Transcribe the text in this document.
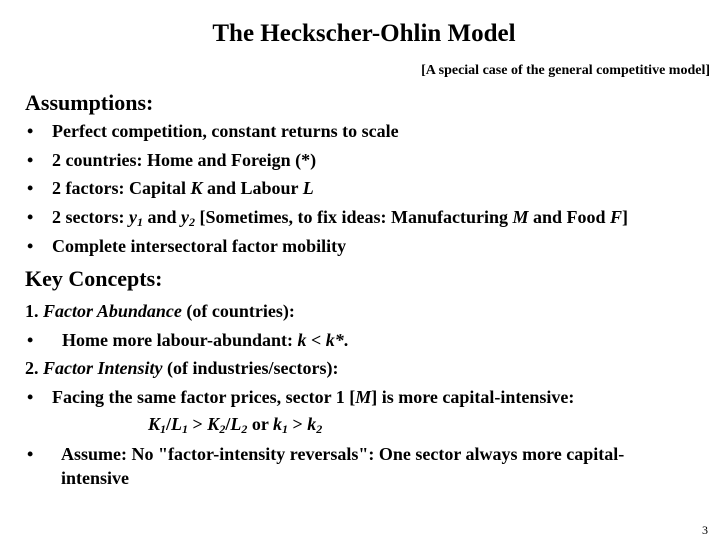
The Heckscher-Ohlin Model
[A special case of the general competitive model]
Assumptions:
• Perfect competition, constant returns to scale
• 2 countries: Home and Foreign (*)
• 2 factors: Capital K and Labour L
• 2 sectors: $y_1$ and $y_2$ [Sometimes, to fix ideas: Manufacturing M and Food F]
• Complete intersectoral factor mobility
Key Concepts:
1. Factor Abundance (of countries):
• Home more labour-abundant: k < k*.
2. Factor Intensity (of industries/sectors):
• Facing the same factor prices, sector 1 [M] is more capital-intensive:
$K_1/L_1 > K_2/L_2$ or $k_1 > k_2$
• Assume: No "factor-intensity reversals": One sector always more capital-
intensive
3
